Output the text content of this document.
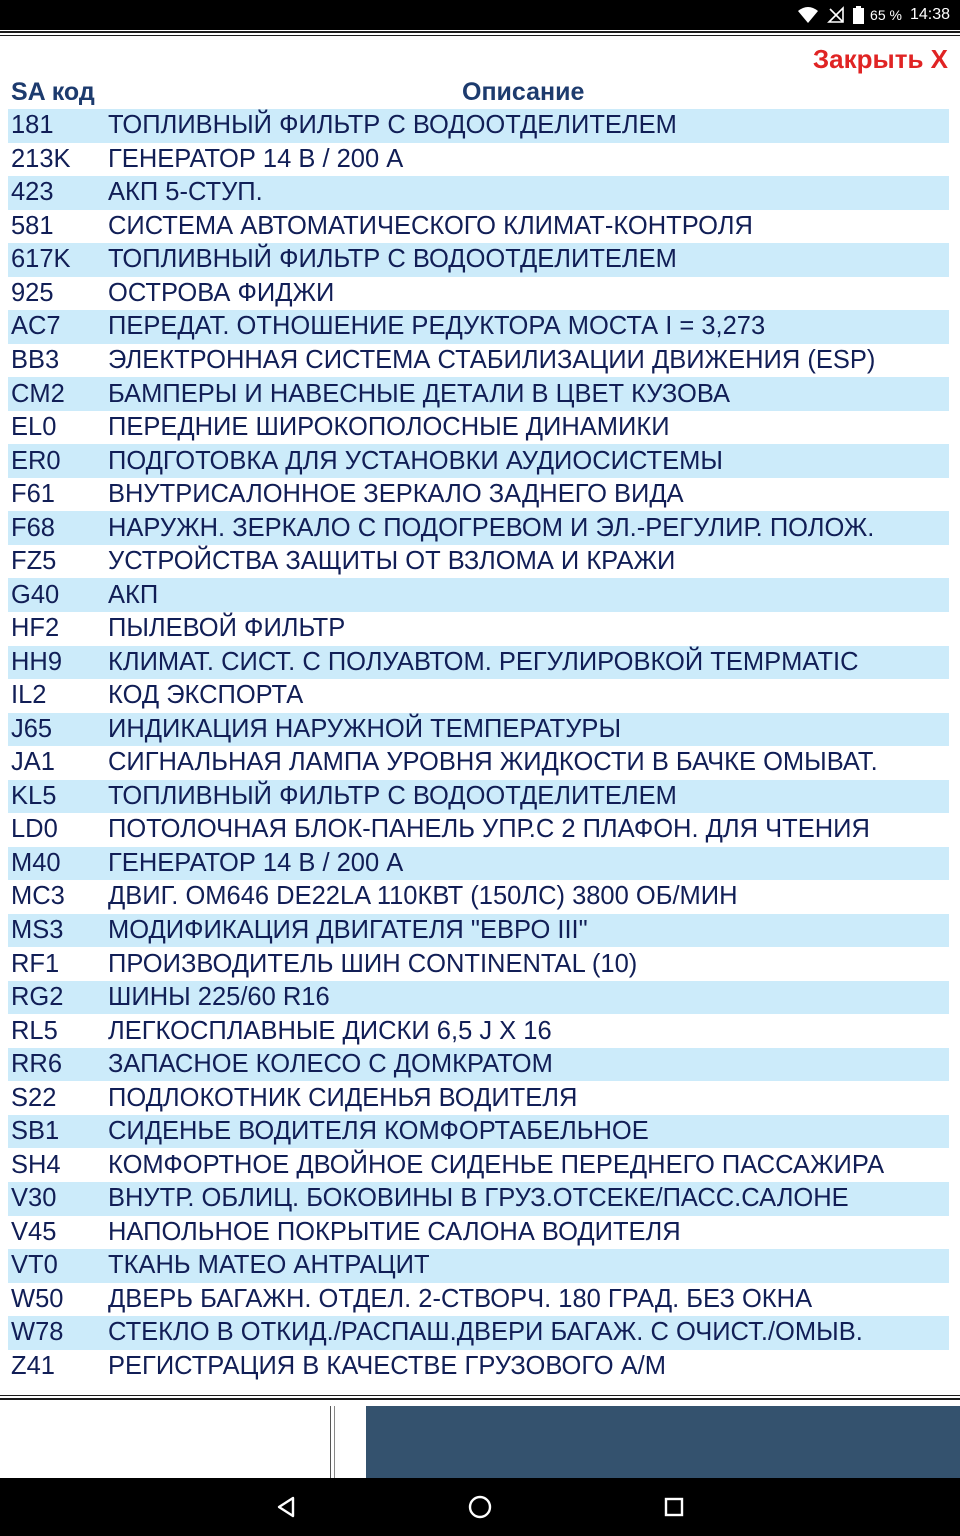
65 % 14:38
Закрыть X
SA код	Описание
181	ТОПЛИВНЫЙ ФИЛЬТР С ВОДООТДЕЛИТЕЛЕМ
213K	ГЕНЕРАТОР 14 В / 200 А
423	АКП 5-СТУП.
581	СИСТЕМА АВТОМАТИЧЕСКОГО КЛИМАТ-КОНТРОЛЯ
617K	ТОПЛИВНЫЙ ФИЛЬТР С ВОДООТДЕЛИТЕЛЕМ
925	ОСТРОВА ФИДЖИ
AC7	ПЕРЕДАТ. ОТНОШЕНИЕ РЕДУКТОРА МОСТА I = 3,273
BB3	ЭЛЕКТРОННАЯ СИСТЕМА СТАБИЛИЗАЦИИ ДВИЖЕНИЯ (ESP)
CM2	БАМПЕРЫ И НАВЕСНЫЕ ДЕТАЛИ В ЦВЕТ КУЗОВА
EL0	ПЕРЕДНИЕ ШИРОКОПОЛОСНЫЕ ДИНАМИКИ
ER0	ПОДГОТОВКА ДЛЯ УСТАНОВКИ АУДИОСИСТЕМЫ
F61	ВНУТРИСАЛОННОЕ ЗЕРКАЛО ЗАДНЕГО ВИДА
F68	НАРУЖН. ЗЕРКАЛО С ПОДОГРЕВОМ И ЭЛ.-РЕГУЛИР. ПОЛОЖ.
FZ5	УСТРОЙСТВА ЗАЩИТЫ ОТ ВЗЛОМА И КРАЖИ
G40	АКП
HF2	ПЫЛЕВОЙ ФИЛЬТР
HH9	КЛИМАТ. СИСТ. С ПОЛУАВТОМ. РЕГУЛИРОВКОЙ TEMPMATIC
IL2	КОД ЭКСПОРТА
J65	ИНДИКАЦИЯ НАРУЖНОЙ ТЕМПЕРАТУРЫ
JA1	СИГНАЛЬНАЯ ЛАМПА УРОВНЯ ЖИДКОСТИ В БАЧКЕ ОМЫВАТ.
KL5	ТОПЛИВНЫЙ ФИЛЬТР С ВОДООТДЕЛИТЕЛЕМ
LD0	ПОТОЛОЧНАЯ БЛОК-ПАНЕЛЬ УПР.С 2 ПЛАФОН. ДЛЯ ЧТЕНИЯ
M40	ГЕНЕРАТОР 14 В / 200 А
MC3	ДВИГ. OM646 DE22LA 110КВТ (150ЛС) 3800 ОБ/МИН
MS3	МОДИФИКАЦИЯ ДВИГАТЕЛЯ "ЕВРО III"
RF1	ПРОИЗВОДИТЕЛЬ ШИН CONTINENTAL (10)
RG2	ШИНЫ 225/60 R16
RL5	ЛЕГКОСПЛАВНЫЕ ДИСКИ 6,5 J X 16
RR6	ЗАПАСНОЕ КОЛЕСО С ДОМКРАТОМ
S22	ПОДЛОКОТНИК СИДЕНЬЯ ВОДИТЕЛЯ
SB1	СИДЕНЬЕ ВОДИТЕЛЯ КОМФОРТАБЕЛЬНОЕ
SH4	КОМФОРТНОЕ ДВОЙНОЕ СИДЕНЬЕ ПЕРЕДНЕГО ПАССАЖИРА
V30	ВНУТР. ОБЛИЦ. БОКОВИНЫ В ГРУЗ.ОТСЕКЕ/ПАСС.САЛОНЕ
V45	НАПОЛЬНОЕ ПОКРЫТИЕ САЛОНА ВОДИТЕЛЯ
VT0	ТКАНЬ МАТЕО АНТРАЦИТ
W50	ДВЕРЬ БАГАЖН. ОТДЕЛ. 2-СТВОРЧ. 180 ГРАД. БЕЗ ОКНА
W78	СТЕКЛО В ОТКИД./РАСПАШ.ДВЕРИ БАГАЖ. С ОЧИСТ./ОМЫВ.
Z41	РЕГИСТРАЦИЯ В КАЧЕСТВЕ ГРУЗОВОГО А/М
